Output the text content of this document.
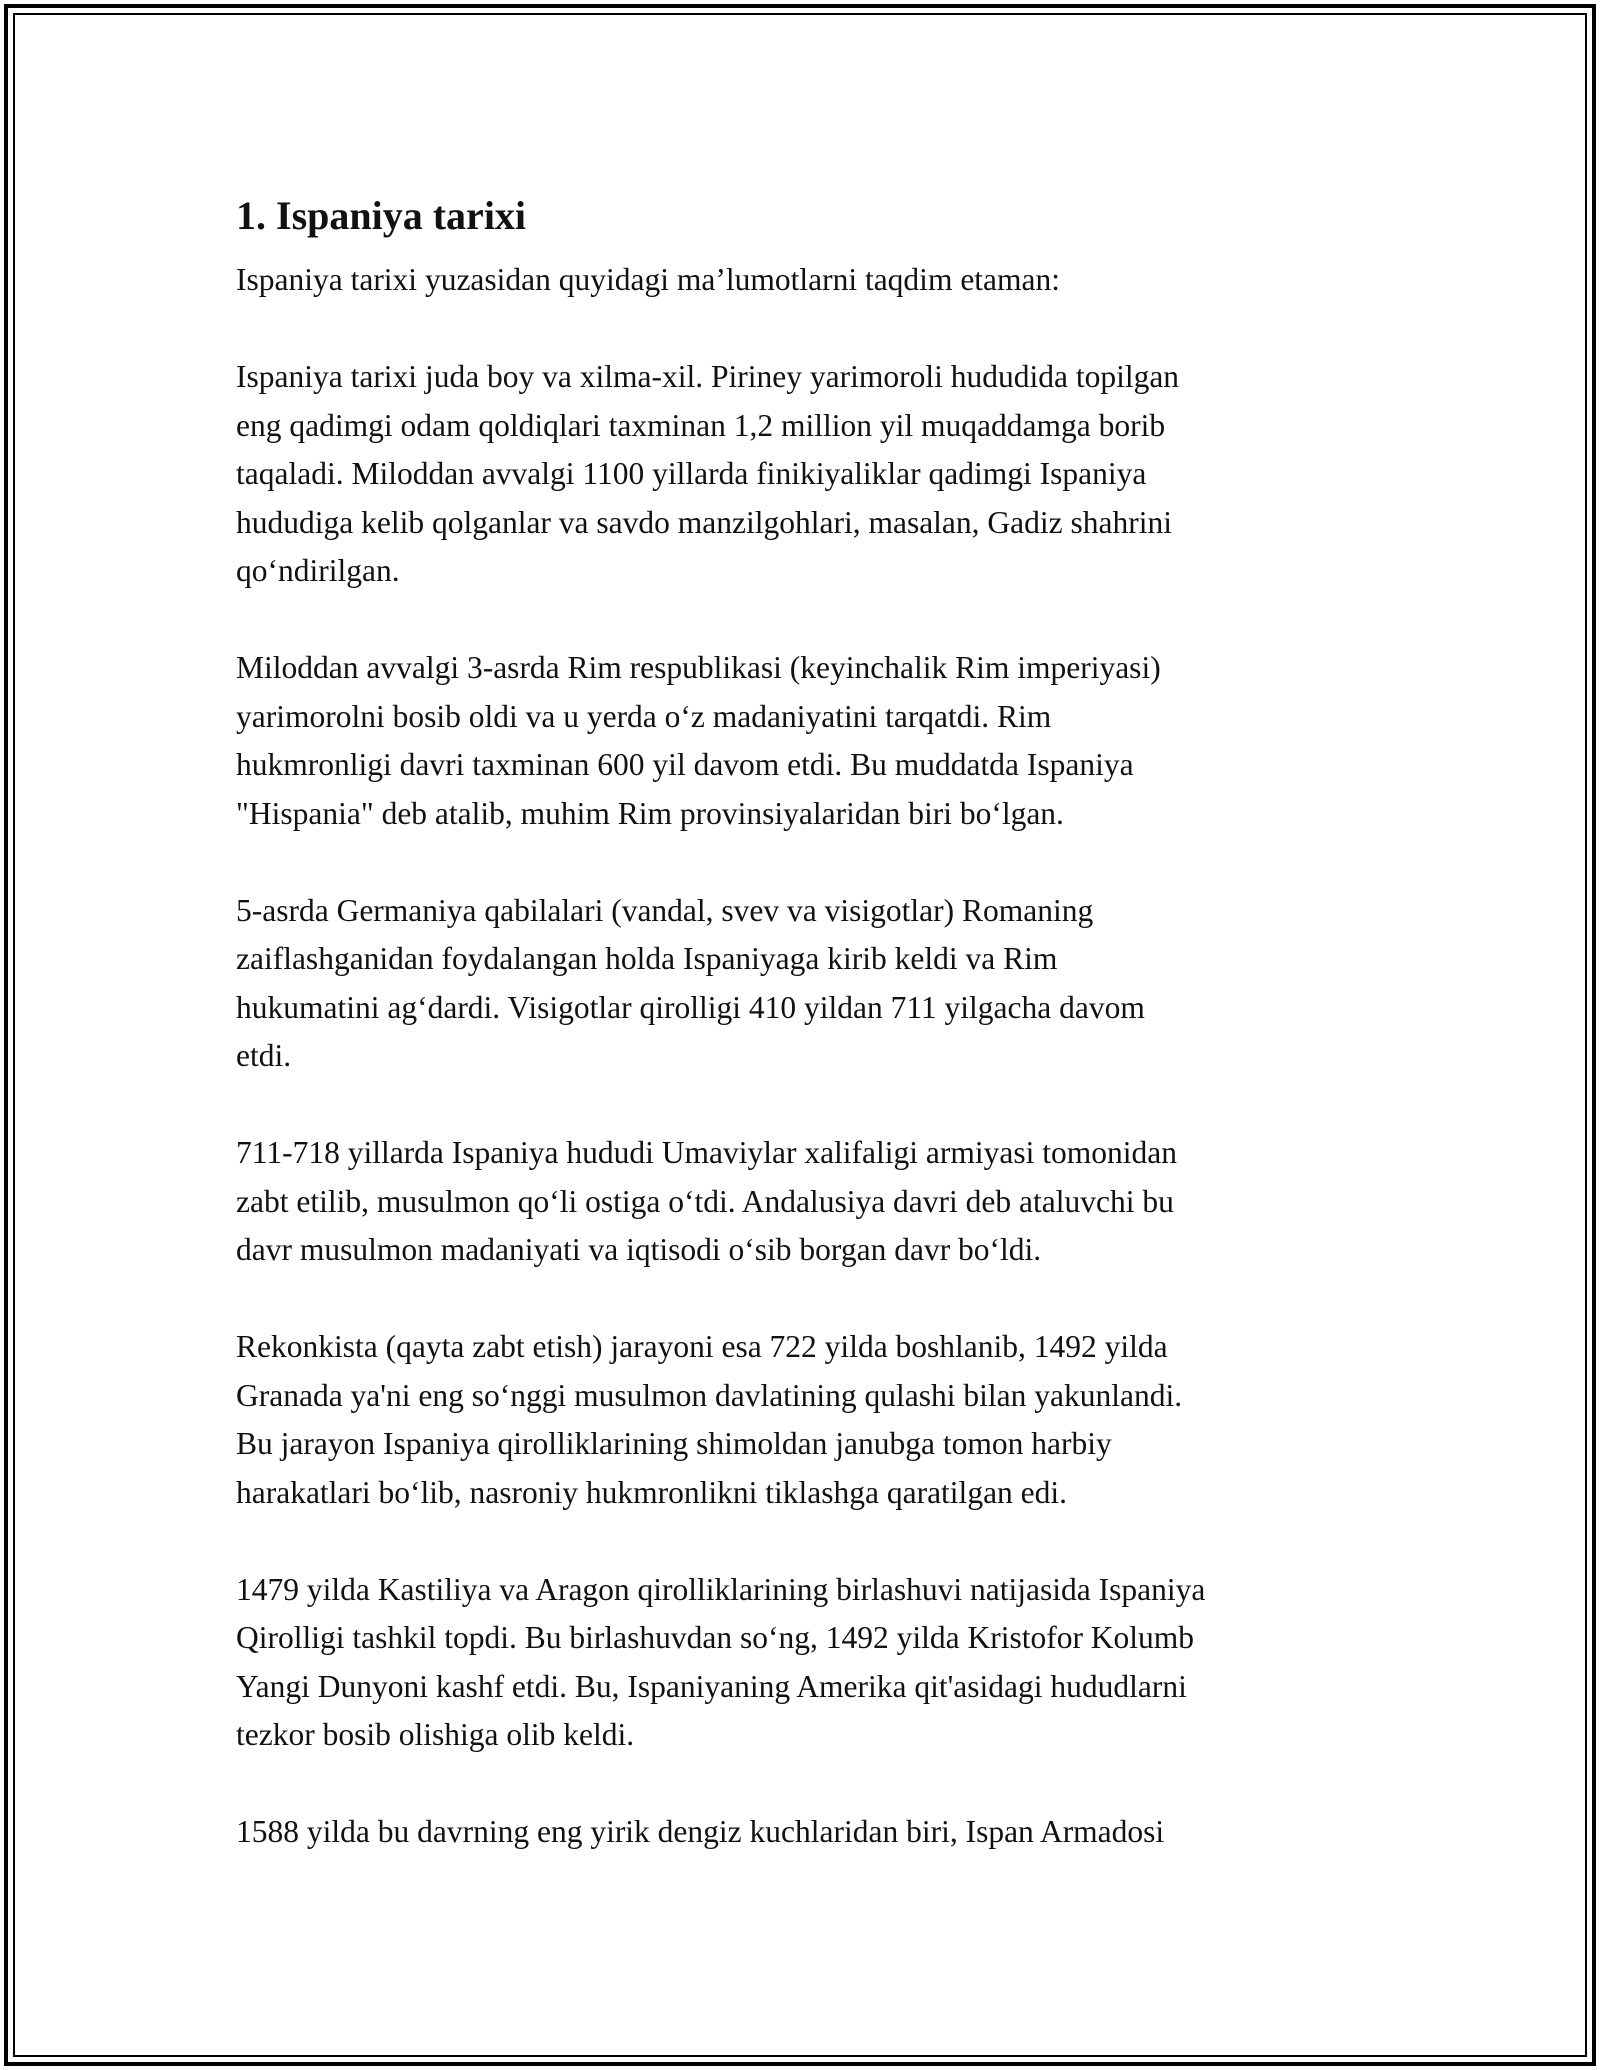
1. Ispaniya tarixi

Ispaniya tarixi yuzasidan quyidagi ma’lumotlarni taqdim etaman:

Ispaniya tarixi juda boy va xilma-xil. Piriney yarimoroli hududida topilgan
eng qadimgi odam qoldiqlari taxminan 1,2 million yil muqaddamga borib
taqaladi. Miloddan avvalgi 1100 yillarda finikiyaliklar qadimgi Ispaniya
hududiga kelib qolganlar va savdo manzilgohlari, masalan, Gadiz shahrini
qo‘ndirilgan.

Miloddan avvalgi 3-asrda Rim respublikasi (keyinchalik Rim imperiyasi)
yarimorolni bosib oldi va u yerda o‘z madaniyatini tarqatdi. Rim
hukmronligi davri taxminan 600 yil davom etdi. Bu muddatda Ispaniya
"Hispania" deb atalib, muhim Rim provinsiyalaridan biri bo‘lgan.

5-asrda Germaniya qabilalari (vandal, svev va visigotlar) Romaning
zaiflashganidan foydalangan holda Ispaniyaga kirib keldi va Rim
hukumatini ag‘dardi. Visigotlar qirolligi 410 yildan 711 yilgacha davom
etdi.

711-718 yillarda Ispaniya hududi Umaviylar xalifaligi armiyasi tomonidan
zabt etilib, musulmon qo‘li ostiga o‘tdi. Andalusiya davri deb ataluvchi bu
davr musulmon madaniyati va iqtisodi o‘sib borgan davr bo‘ldi.

Rekonkista (qayta zabt etish) jarayoni esa 722 yilda boshlanib, 1492 yilda
Granada ya'ni eng so‘nggi musulmon davlatining qulashi bilan yakunlandi.
Bu jarayon Ispaniya qirolliklarining shimoldan janubga tomon harbiy
harakatlari bo‘lib, nasroniy hukmronlikni tiklashga qaratilgan edi.

1479 yilda Kastiliya va Aragon qirolliklarining birlashuvi natijasida Ispaniya
Qirolligi tashkil topdi. Bu birlashuvdan so‘ng, 1492 yilda Kristofor Kolumb
Yangi Dunyoni kashf etdi. Bu, Ispaniyaning Amerika qit'asidagi hududlarni
tezkor bosib olishiga olib keldi.

1588 yilda bu davrning eng yirik dengiz kuchlaridan biri, Ispan Armadosi
